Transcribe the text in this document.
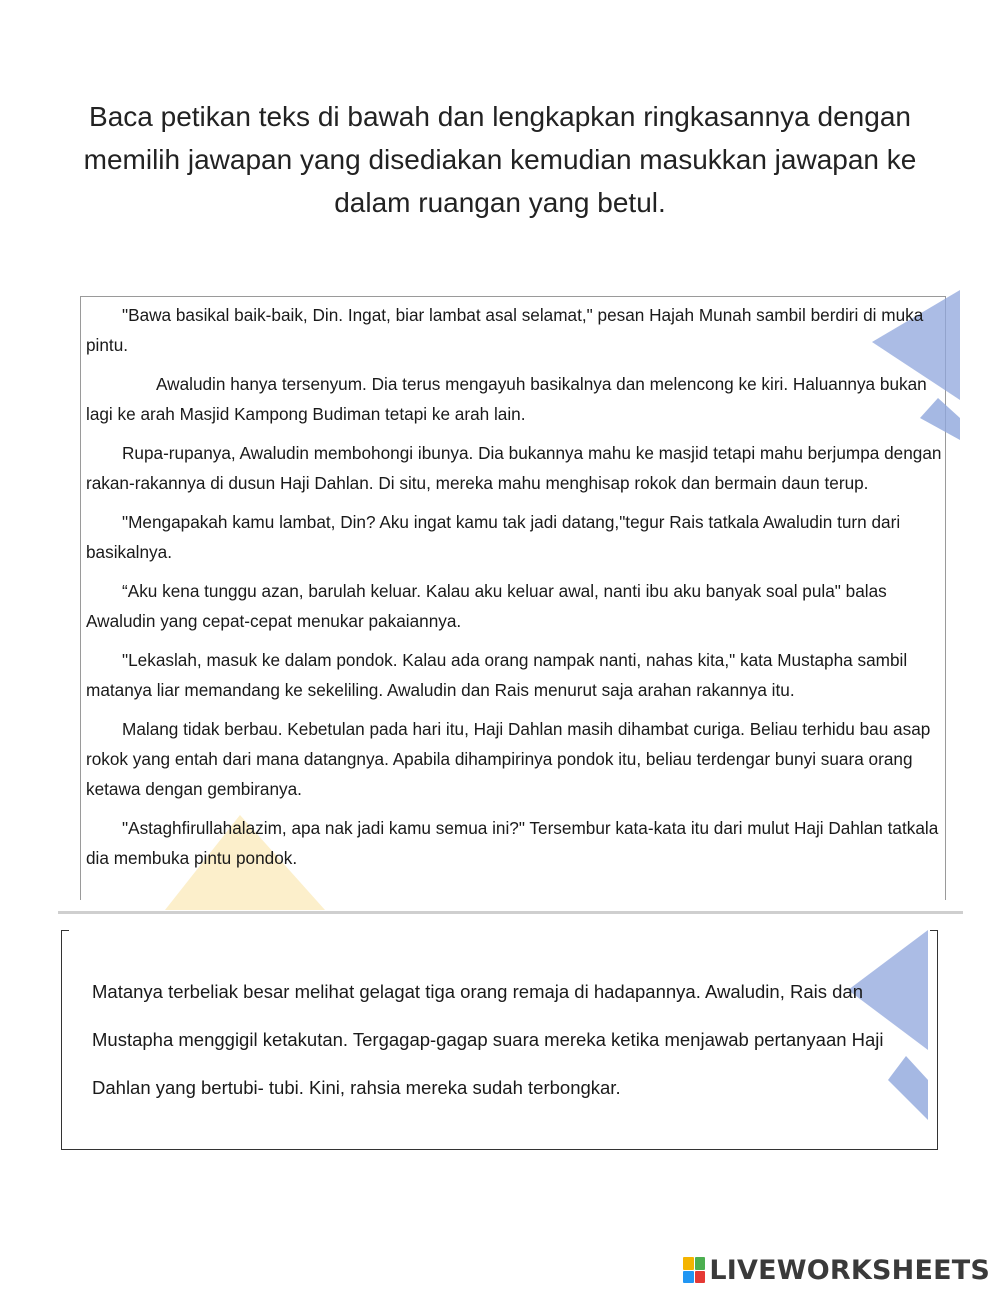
Baca petikan teks di bawah dan lengkapkan ringkasannya dengan memilih jawapan yang disediakan kemudian masukkan jawapan ke dalam ruangan yang betul.

"Bawa basikal baik-baik, Din. Ingat, biar lambat asal selamat," pesan Hajah Munah sambil berdiri di muka pintu.

Awaludin hanya tersenyum. Dia terus mengayuh basikalnya dan melencong ke kiri. Haluannya bukan lagi ke arah Masjid Kampong Budiman tetapi ke arah lain.

Rupa-rupanya, Awaludin membohongi ibunya. Dia bukannya mahu ke masjid tetapi mahu berjumpa dengan rakan-rakannya di dusun Haji Dahlan. Di situ, mereka mahu menghisap rokok dan bermain daun terup.

"Mengapakah kamu lambat, Din? Aku ingat kamu tak jadi datang,"tegur Rais tatkala Awaludin turn dari basikalnya.

“Aku kena tunggu azan, barulah keluar. Kalau aku keluar awal, nanti ibu aku banyak soal pula" balas Awaludin yang cepat-cepat menukar pakaiannya.

"Lekaslah, masuk ke dalam pondok. Kalau ada orang nampak nanti, nahas kita," kata Mustapha sambil matanya liar memandang ke sekeliling. Awaludin dan Rais menurut saja arahan rakannya itu.

Malang tidak berbau. Kebetulan pada hari itu, Haji Dahlan masih dihambat curiga. Beliau terhidu bau asap rokok yang entah dari mana datangnya. Apabila dihampirinya pondok itu, beliau terdengar bunyi suara orang ketawa dengan gembiranya.

"Astaghfirullahalazim, apa nak jadi kamu semua ini?" Tersembur kata-kata itu dari mulut Haji Dahlan tatkala dia membuka pintu pondok.

Matanya terbeliak besar melihat gelagat tiga orang remaja di hadapannya. Awaludin, Rais dan Mustapha menggigil ketakutan. Tergagap-gagap suara mereka ketika menjawab pertanyaan Haji Dahlan yang bertubi- tubi. Kini, rahsia mereka sudah terbongkar.
LIVEWORKSHEETS
